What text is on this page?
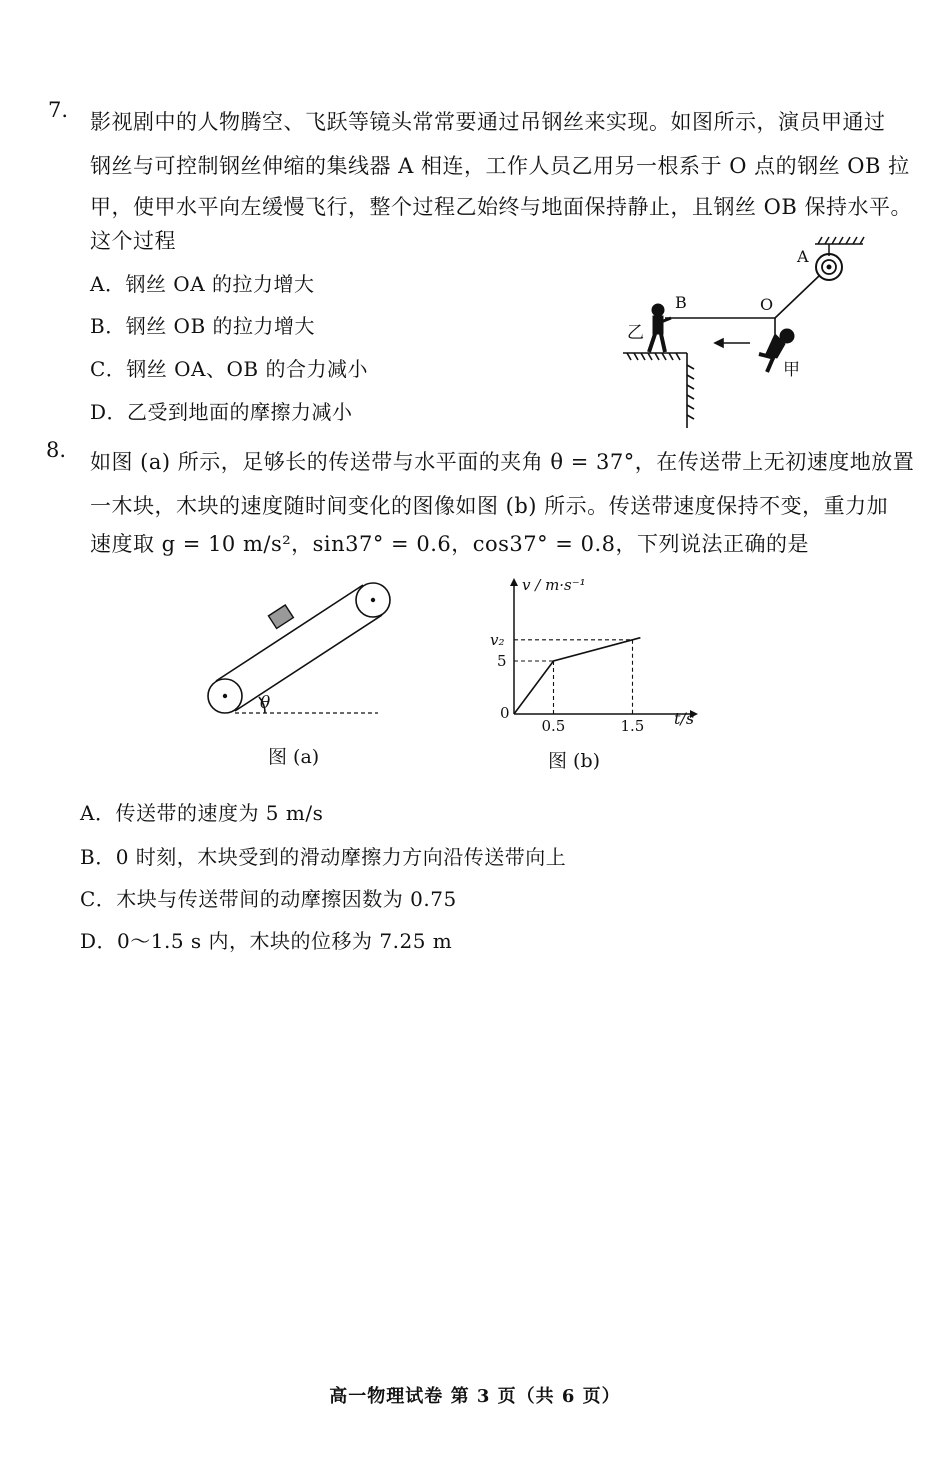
7. 影视剧中的人物腾空、飞跃等镜头常常要通过吊钢丝来实现。如图所示，演员甲通过
钢丝与可控制钢丝伸缩的集线器 A 相连，工作人员乙用另一根系于 O 点的钢丝 OB 拉
甲，使甲水平向左缓慢飞行，整个过程乙始终与地面保持静止，且钢丝 OB 保持水平。
这个过程
A．钢丝 OA 的拉力增大
B．钢丝 OB 的拉力增大
C．钢丝 OA、OB 的合力减小
D．乙受到地面的摩擦力减小
A
O
B
乙
甲
8. 如图 (a) 所示，足够长的传送带与水平面的夹角 θ = 37°，在传送带上无初速度地放置
一木块，木块的速度随时间变化的图像如图 (b) 所示。传送带速度保持不变，重力加
速度取 g = 10 m/s²，sin37° = 0.6，cos37° = 0.8，下列说法正确的是
θ
图 (a)
0.5	1.5
5
v₂
v / m·s⁻¹
t/s
0
图 (b)
A．传送带的速度为 5 m/s
B．0 时刻，木块受到的滑动摩擦力方向沿传送带向上
C．木块与传送带间的动摩擦因数为 0.75
D．0～1.5 s 内，木块的位移为 7.25 m
高一物理试卷 第 3 页（共 6 页）
